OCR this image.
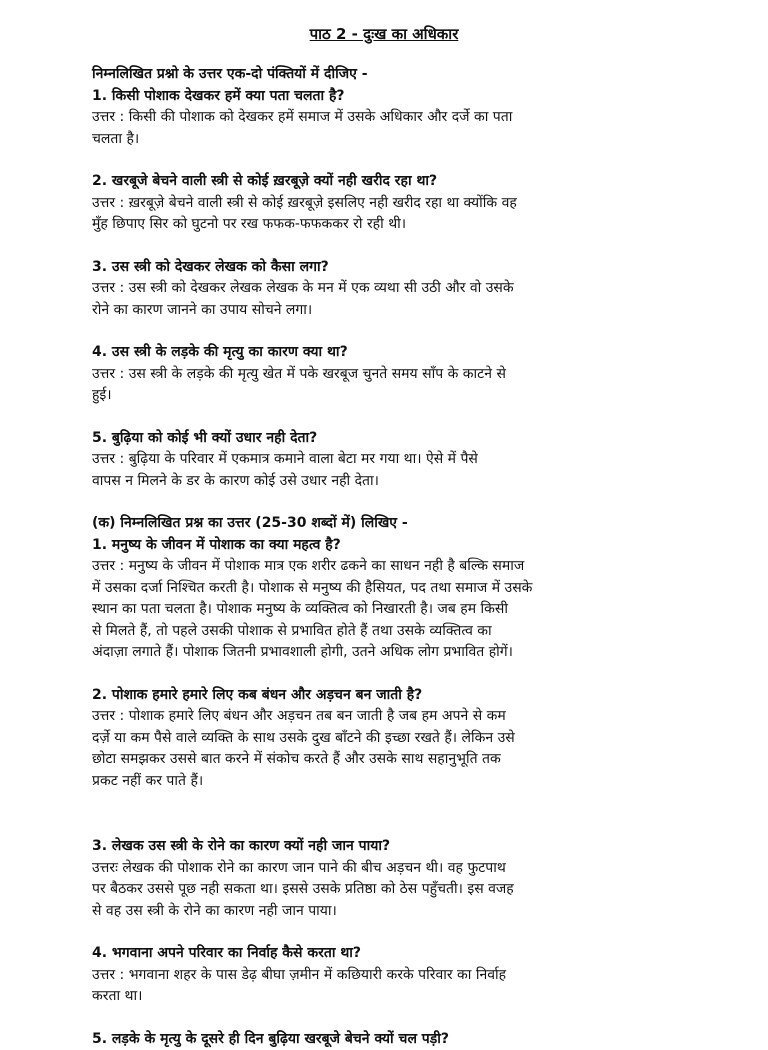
पाठ 2 - दुःख का अधिकार
निम्नलिखित प्रश्नो के उत्तर एक-दो पंक्तियों में दीजिए -
1. किसी पोशाक देखकर हमें क्या पता चलता है?
उत्तर : किसी की पोशाक को देखकर हमें समाज में उसके अधिकार और दर्जे का पता
चलता है।
2. खरबूजे बेचने वाली स्त्री से कोई ख़रबूज़े क्यों नही खरीद रहा था?
उत्तर : ख़रबूज़े बेचने वाली स्त्री से कोई ख़रबूज़े इसलिए नही खरीद रहा था क्योंकि वह
मुँह छिपाए सिर को घुटनो पर रख फफक-फफककर रो रही थी।
3. उस स्त्री को देखकर लेखक को कैसा लगा?
उत्तर : उस स्त्री को देखकर लेखक लेखक के मन में एक व्यथा सी उठी और वो उसके
रोने का कारण जानने का उपाय सोचने लगा।
4. उस स्त्री के लड़के की मृत्यु का कारण क्या था?
उत्तर : उस स्त्री के लड़के की मृत्यु खेत में पके खरबूज चुनते समय साँप के काटने से
हुई।
5. बुढ़िया को कोई भी क्यों उधार नही देता?
उत्तर : बुढ़िया के परिवार में एकमात्र कमाने वाला बेटा मर गया था। ऐसे में पैसे
वापस न मिलने के डर के कारण कोई उसे उधार नही देता।
(क) निम्नलिखित प्रश्न का उत्तर (25-30 शब्दों में) लिखिए -
1. मनुष्य के जीवन में पोशाक का क्या महत्व है?
उत्तर : मनुष्य के जीवन में पोशाक मात्र एक शरीर ढकने का साधन नही है बल्कि समाज
में उसका दर्जा निश्चित करती है। पोशाक से मनुष्य की हैसियत, पद तथा समाज में उसके
स्थान का पता चलता है। पोशाक मनुष्य के व्यक्तित्व को निखारती है। जब हम किसी
से मिलते हैं, तो पहले उसकी पोशाक से प्रभावित होते हैं तथा उसके व्यक्तित्व का
अंदाज़ा लगाते हैं। पोशाक जितनी प्रभावशाली होगी, उतने अधिक लोग प्रभावित होगें।
2. पोशाक हमारे हमारे लिए कब बंधन और अड़चन बन जाती है?
उत्तर : पोशाक हमारे लिए बंधन और अड़चन तब बन जाती है जब हम अपने से कम
दर्ज़े या कम पैसे वाले व्यक्ति के साथ उसके दुख बाँटने की इच्छा रखते हैं। लेकिन उसे
छोटा समझकर उससे बात करने में संकोच करते हैं और उसके साथ सहानुभूति तक
प्रकट नहीं कर पाते हैं।
3. लेखक उस स्त्री के रोने का कारण क्यों नही जान पाया?
उत्तरः लेखक की पोशाक रोने का कारण जान पाने की बीच अड़चन थी। वह फुटपाथ
पर बैठकर उससे पूछ नही सकता था। इससे उसके प्रतिष्ठा को ठेस पहुँचती। इस वजह
से वह उस स्त्री के रोने का कारण नही जान पाया।
4. भगवाना अपने परिवार का निर्वाह कैसे करता था?
उत्तर : भगवाना शहर के पास डेढ़ बीघा ज़मीन में कछियारी करके परिवार का निर्वाह
करता था।
5. लड़के के मृत्यु के दूसरे ही दिन बुढ़िया खरबूजे बेचने क्यों चल पड़ी?
